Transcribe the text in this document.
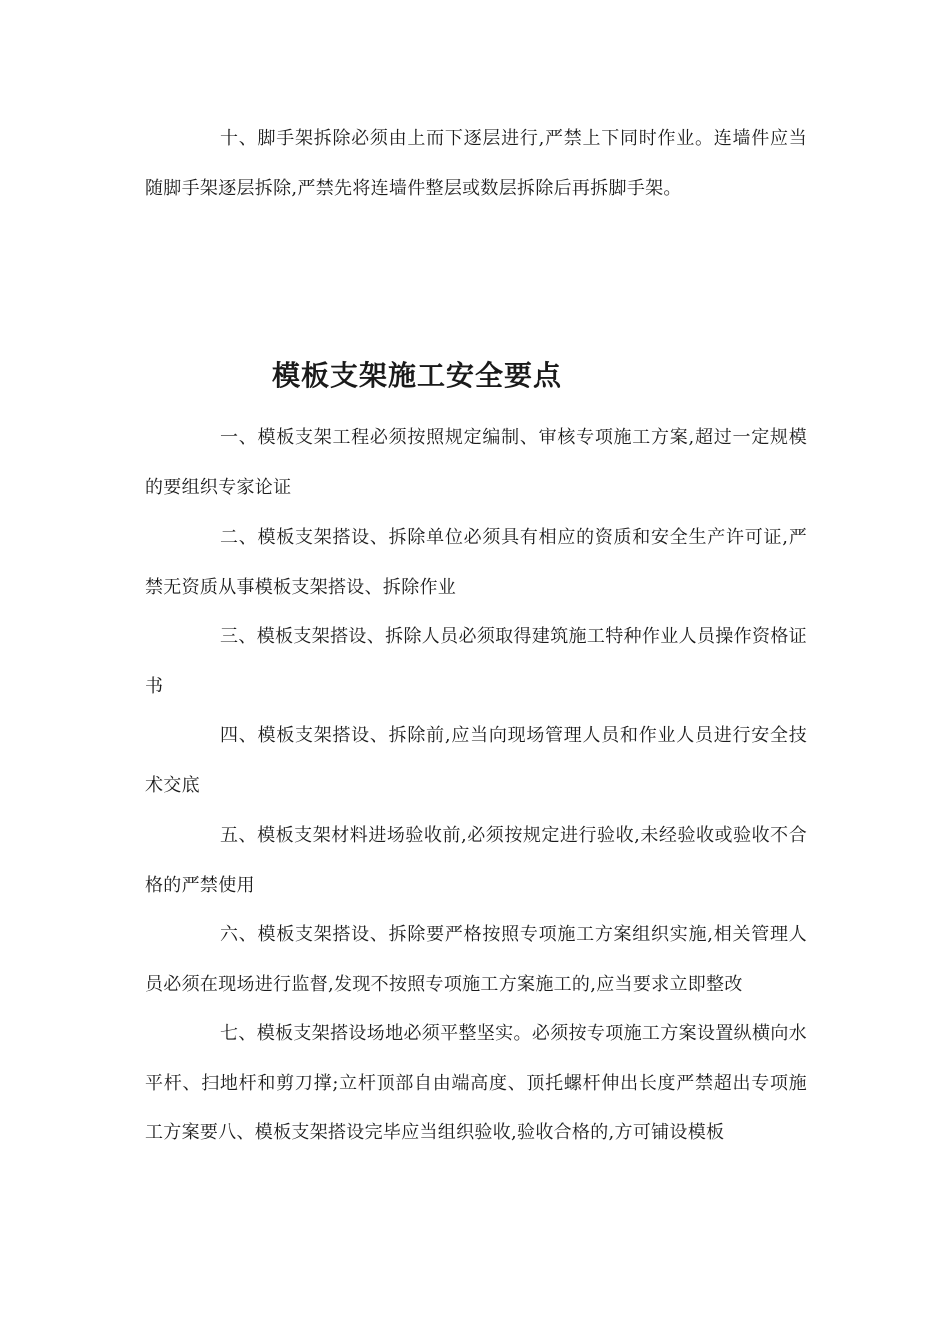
十、脚手架拆除必须由上而下逐层进行,严禁上下同时作业。连墙件应当随脚手架逐层拆除,严禁先将连墙件整层或数层拆除后再拆脚手架。

模板支架施工安全要点

一、模板支架工程必须按照规定编制、审核专项施工方案,超过一定规模的要组织专家论证

二、模板支架搭设、拆除单位必须具有相应的资质和安全生产许可证,严禁无资质从事模板支架搭设、拆除作业

三、模板支架搭设、拆除人员必须取得建筑施工特种作业人员操作资格证书

四、模板支架搭设、拆除前,应当向现场管理人员和作业人员进行安全技术交底

五、模板支架材料进场验收前,必须按规定进行验收,未经验收或验收不合格的严禁使用

六、模板支架搭设、拆除要严格按照专项施工方案组织实施,相关管理人员必须在现场进行监督,发现不按照专项施工方案施工的,应当要求立即整改

七、模板支架搭设场地必须平整坚实。必须按专项施工方案设置纵横向水平杆、扫地杆和剪刀撑;立杆顶部自由端高度、顶托螺杆伸出长度严禁超出专项施工方案要八、模板支架搭设完毕应当组织验收,验收合格的,方可铺设模板
